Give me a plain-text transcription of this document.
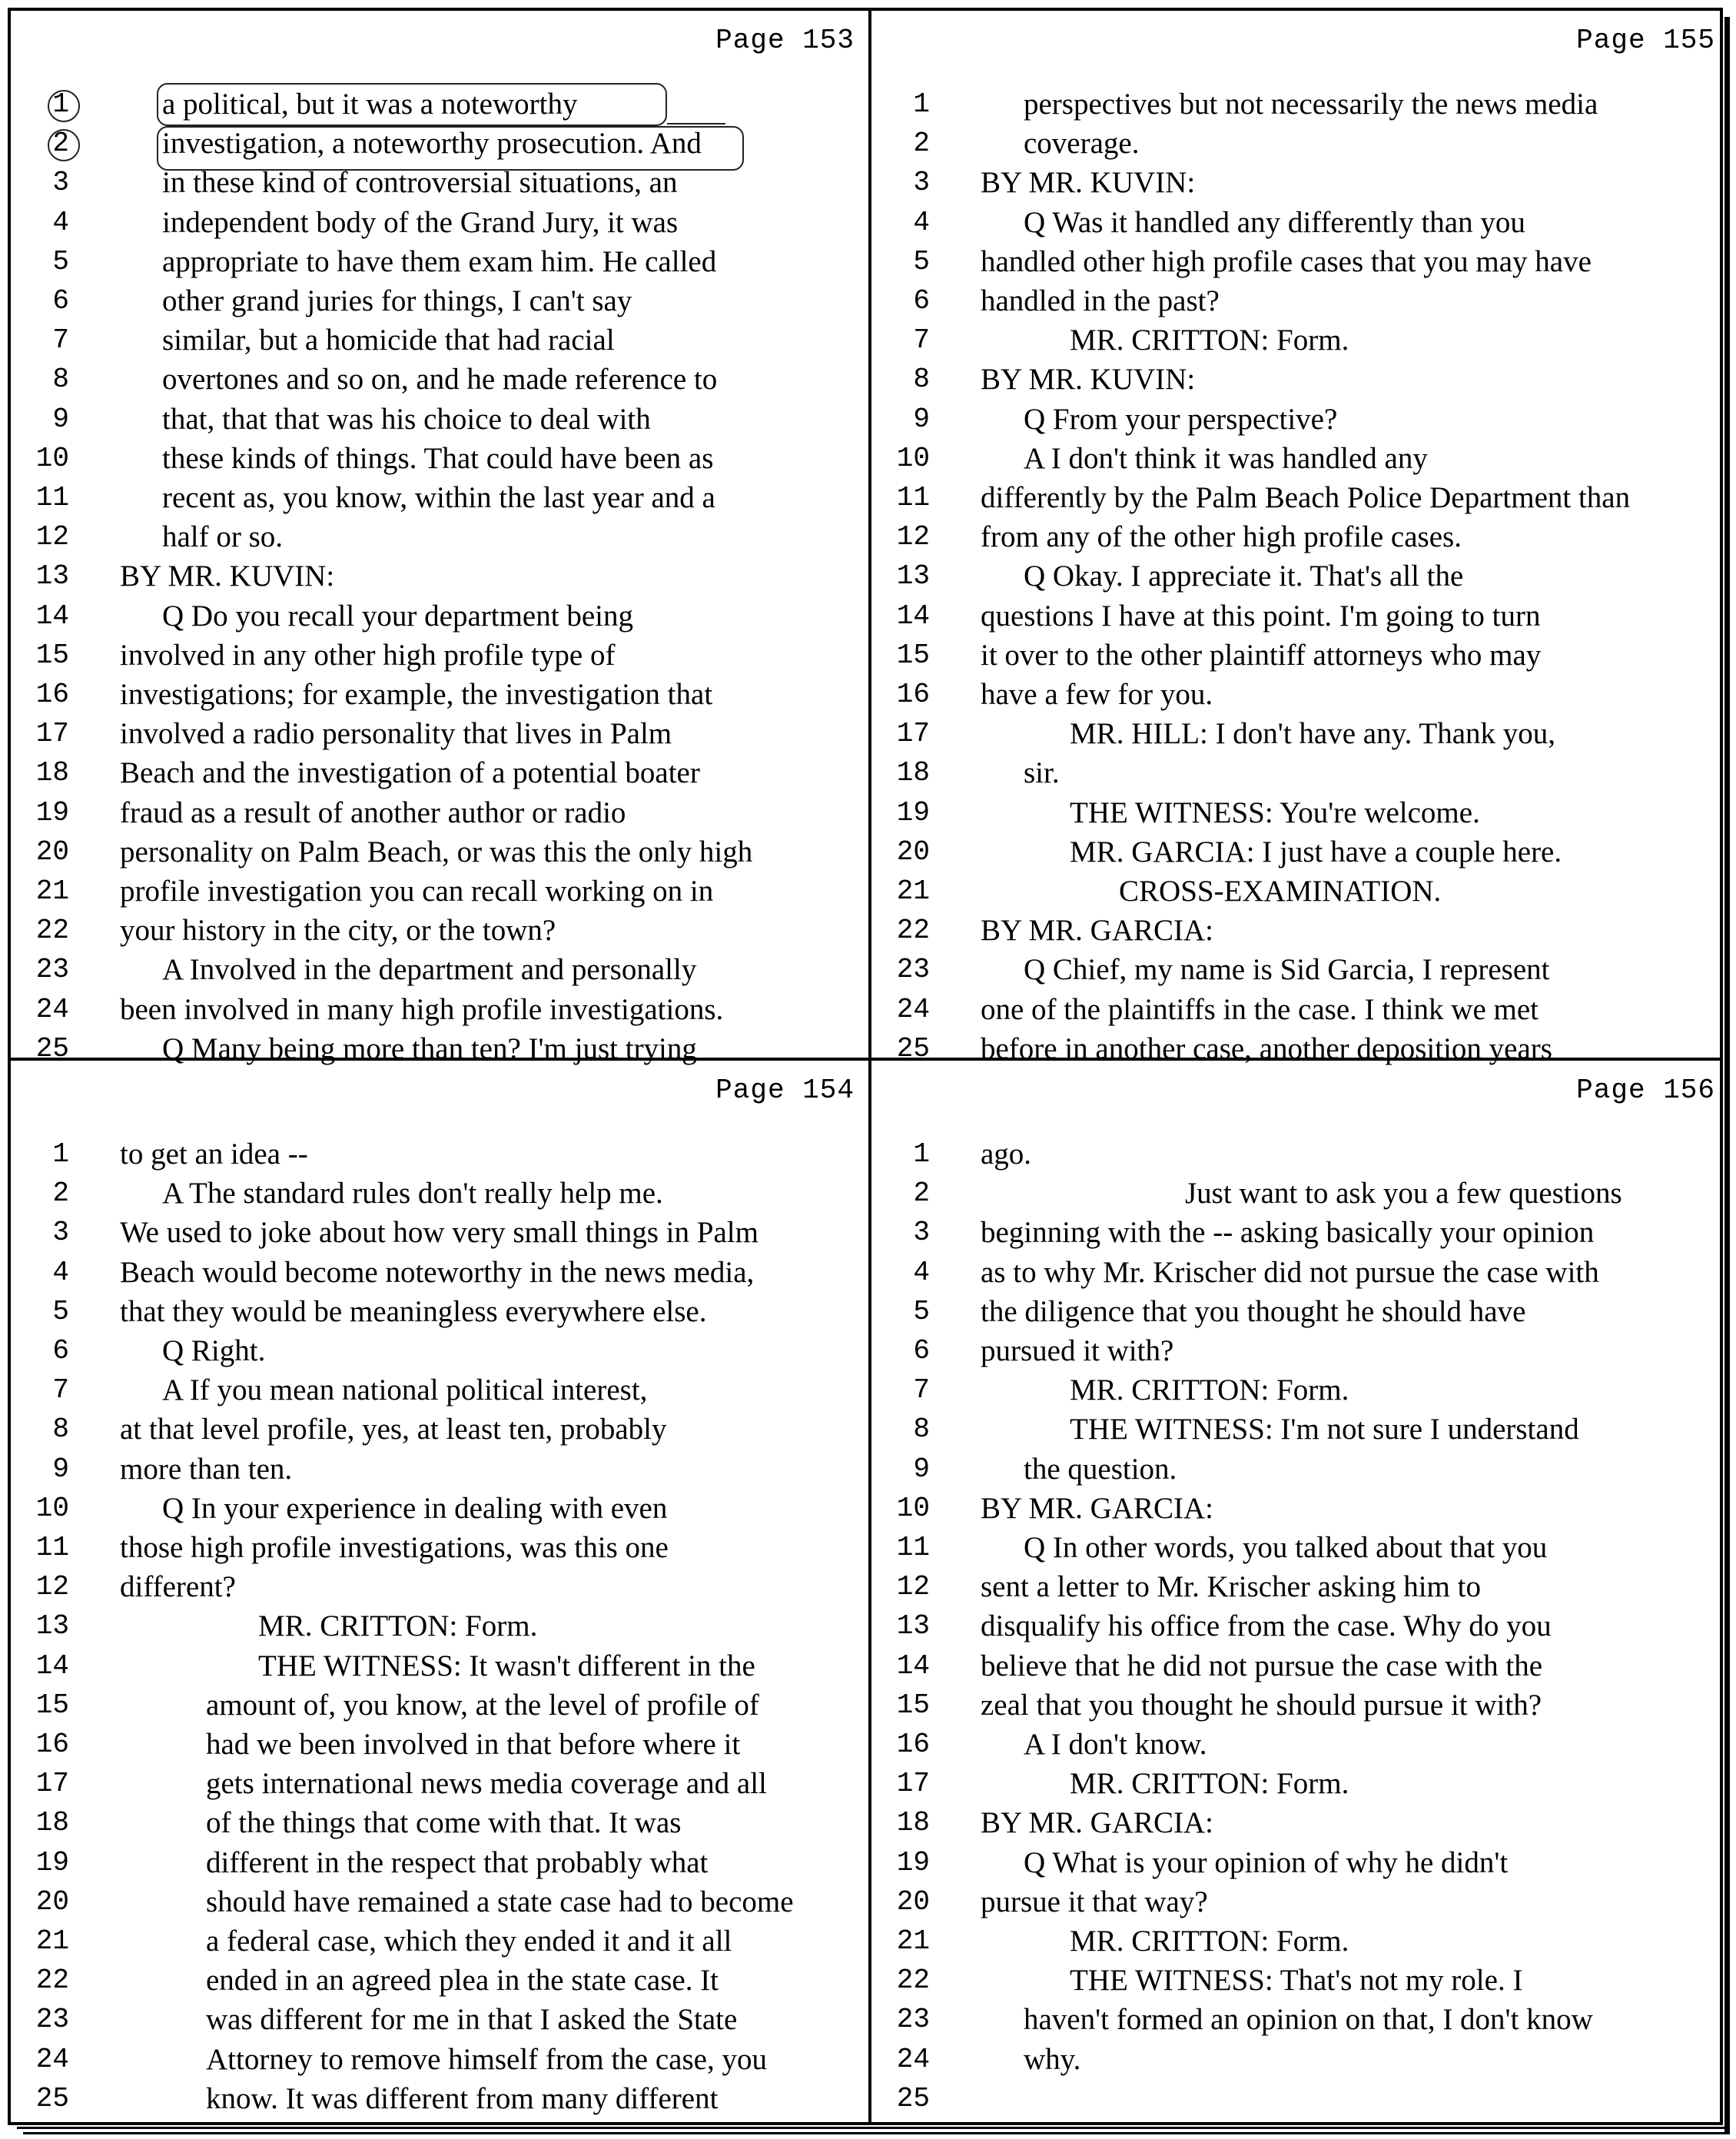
Page 153
1	a political, but it was a noteworthy
2	investigation, a noteworthy prosecution. And
3	in these kind of controversial situations, an
4	independent body of the Grand Jury, it was
5	appropriate to have them exam him. He called
6	other grand juries for things, I can't say
7	similar, but a homicide that had racial
8	overtones and so on, and he made reference to
9	that, that that was his choice to deal with
10	these kinds of things. That could have been as
11	recent as, you know, within the last year and a
12	half or so.
13 BY MR. KUVIN:
14	Q Do you recall your department being
15 involved in any other high profile type of
16 investigations; for example, the investigation that
17 involved a radio personality that lives in Palm
18 Beach and the investigation of a potential boater
19 fraud as a result of another author or radio
20 personality on Palm Beach, or was this the only high
21 profile investigation you can recall working on in
22 your history in the city, or the town?
23	A Involved in the department and personally
24 been involved in many high profile investigations.
25	Q Many being more than ten? I'm just trying
Page 155
1	perspectives but not necessarily the news media
2	coverage.
3 BY MR. KUVIN:
4	Q Was it handled any differently than you
5 handled other high profile cases that you may have
6 handled in the past?
7	MR. CRITTON: Form.
8 BY MR. KUVIN:
9	Q From your perspective?
10	A I don't think it was handled any
11 differently by the Palm Beach Police Department than
12 from any of the other high profile cases.
13	Q Okay. I appreciate it. That's all the
14 questions I have at this point. I'm going to turn
15 it over to the other plaintiff attorneys who may
16 have a few for you.
17	MR. HILL: I don't have any. Thank you,
18	sir.
19	THE WITNESS: You're welcome.
20	MR. GARCIA: I just have a couple here.
21	CROSS-EXAMINATION.
22 BY MR. GARCIA:
23	Q Chief, my name is Sid Garcia, I represent
24 one of the plaintiffs in the case. I think we met
25 before in another case, another deposition years
Page 154
1 to get an idea --
2	A The standard rules don't really help me.
3 We used to joke about how very small things in Palm
4 Beach would become noteworthy in the news media,
5 that they would be meaningless everywhere else.
6	Q Right.
7	A If you mean national political interest,
8 at that level profile, yes, at least ten, probably
9 more than ten.
10	Q In your experience in dealing with even
11 those high profile investigations, was this one
12 different?
13	MR. CRITTON: Form.
14	THE WITNESS: It wasn't different in the
15	amount of, you know, at the level of profile of
16	had we been involved in that before where it
17	gets international news media coverage and all
18	of the things that come with that. It was
19	different in the respect that probably what
20	should have remained a state case had to become
21	a federal case, which they ended it and it all
22	ended in an agreed plea in the state case. It
23	was different for me in that I asked the State
24	Attorney to remove himself from the case, you
25	know. It was different from many different
Page 156
1 ago.
2	Just want to ask you a few questions
3 beginning with the -- asking basically your opinion
4 as to why Mr. Krischer did not pursue the case with
5 the diligence that you thought he should have
6 pursued it with?
7	MR. CRITTON: Form.
8	THE WITNESS: I'm not sure I understand
9	the question.
10 BY MR. GARCIA:
11	Q In other words, you talked about that you
12 sent a letter to Mr. Krischer asking him to
13 disqualify his office from the case. Why do you
14 believe that he did not pursue the case with the
15 zeal that you thought he should pursue it with?
16	A I don't know.
17	MR. CRITTON: Form.
18 BY MR. GARCIA:
19	Q What is your opinion of why he didn't
20 pursue it that way?
21	MR. CRITTON: Form.
22	THE WITNESS: That's not my role. I
23	haven't formed an opinion on that, I don't know
24	why.
25
